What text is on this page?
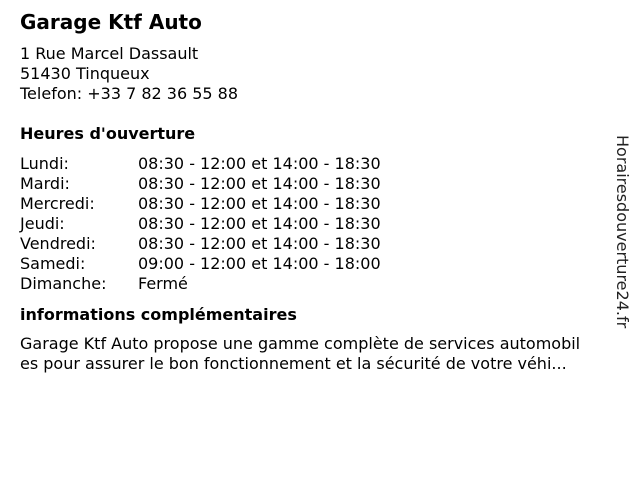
Garage Ktf Auto
1 Rue Marcel Dassault
51430 Tinqueux
Telefon: +33 7 82 36 55 88
Heures d'ouverture
Lundi:	08:30 - 12:00 et 14:00 - 18:30
Mardi:	08:30 - 12:00 et 14:00 - 18:30
Mercredi:	08:30 - 12:00 et 14:00 - 18:30
Jeudi:	08:30 - 12:00 et 14:00 - 18:30
Vendredi:	08:30 - 12:00 et 14:00 - 18:30
Samedi:	09:00 - 12:00 et 14:00 - 18:00
Dimanche: Fermé
informations complémentaires
Garage Ktf Auto propose une gamme complète de services automobil
es pour assurer le bon fonctionnement et la sécurité de votre véhi...
Horairesdouverture24.fr
